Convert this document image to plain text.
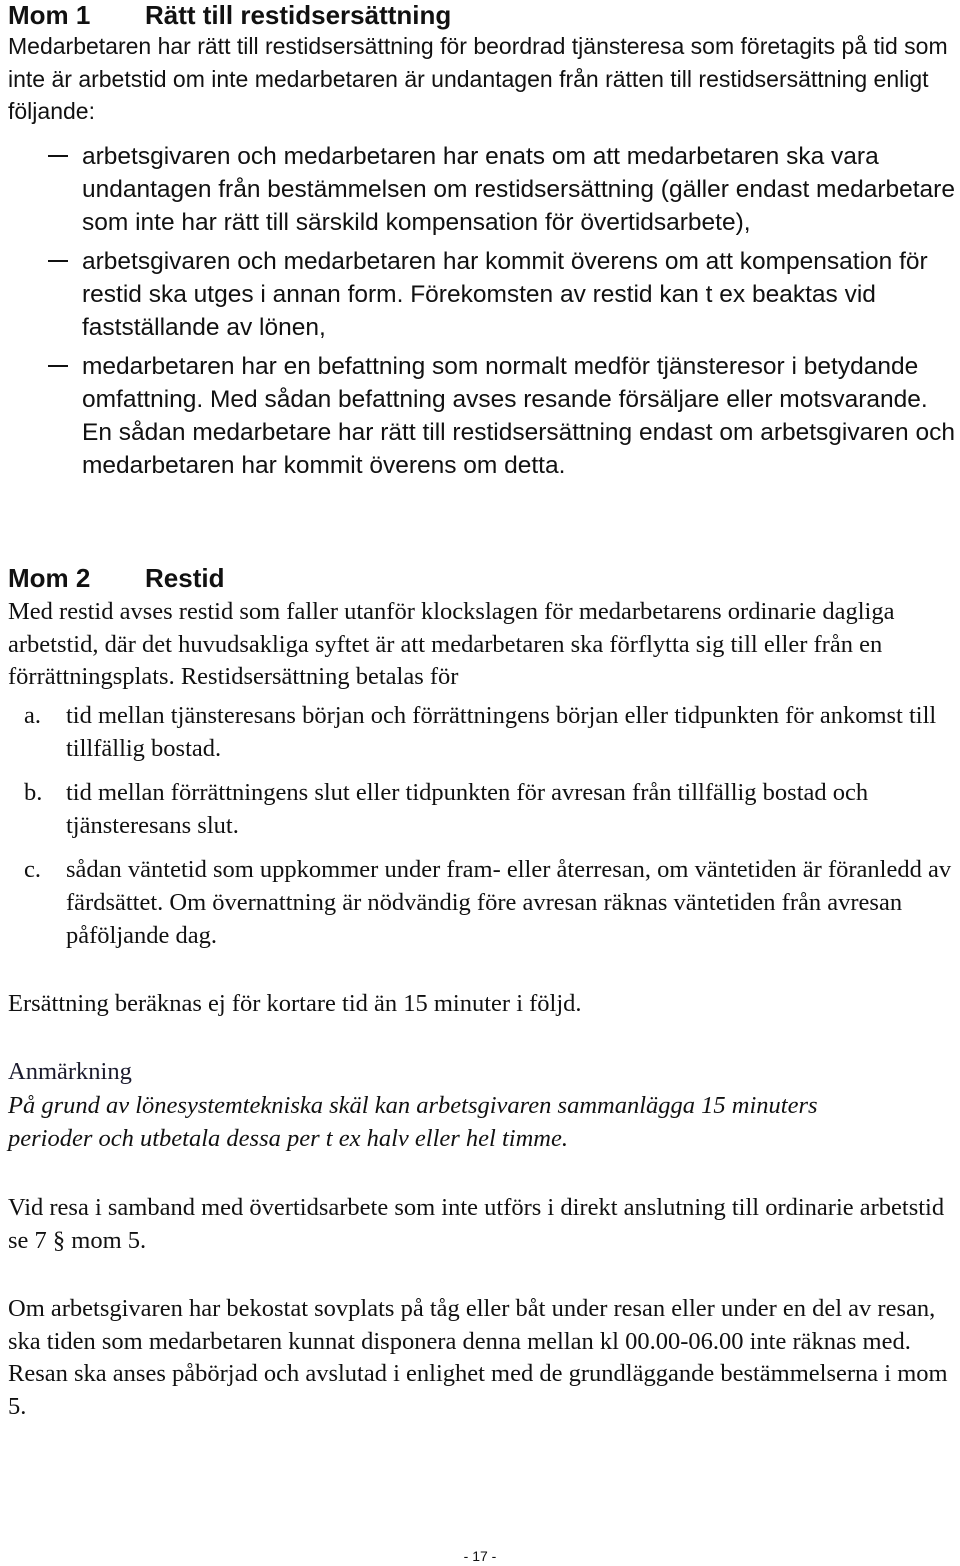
Mom 1 Rätt till restidsersättning

Medarbetaren har rätt till restidsersättning för beordrad tjänsteresa som företagits på tid som inte är arbetstid om inte medarbetaren är undantagen från rätten till restidsersättning enligt följande:

arbetsgivaren och medarbetaren har enats om att medarbetaren ska vara undantagen från bestämmelsen om restidsersättning (gäller endast medarbetare som inte har rätt till särskild kompensation för övertidsarbete),
arbetsgivaren och medarbetaren har kommit överens om att kompensation för restid ska utges i annan form. Förekomsten av restid kan t ex beaktas vid fastställande av lönen,
medarbetaren har en befattning som normalt medför tjänsteresor i betydande omfattning. Med sådan befattning avses resande försäljare eller motsvarande. En sådan medarbetare har rätt till restidsersättning endast om arbetsgivaren och medarbetaren har kommit överens om detta.
Mom 2 Restid

Med restid avses restid som faller utanför klockslagen för medarbetarens ordinarie dagliga arbetstid, där det huvudsakliga syftet är att medarbetaren ska förflytta sig till eller från en förrättningsplats. Restidsersättning betalas för

a. tid mellan tjänsteresans början och förrättningens början eller tidpunkten för ankomst till tillfällig bostad.
b. tid mellan förrättningens slut eller tidpunkten för avresan från tillfällig bostad och tjänsteresans slut.
c. sådan väntetid som uppkommer under fram- eller återresan, om väntetiden är föranledd av färdsättet. Om övernattning är nödvändig före avresan räknas väntetiden från avresan påföljande dag.

Ersättning beräknas ej för kortare tid än 15 minuter i följd.

Anmärkning

På grund av lönesystemtekniska skäl kan arbetsgivaren sammanlägga 15 minuters perioder och utbetala dessa per t ex halv eller hel timme.

Vid resa i samband med övertidsarbete som inte utförs i direkt anslutning till ordinarie arbetstid se 7 § mom 5.

Om arbetsgivaren har bekostat sovplats på tåg eller båt under resan eller under en del av resan, ska tiden som medarbetaren kunnat disponera denna mellan kl 00.00-06.00 inte räknas med. Resan ska anses påbörjad och avslutad i enlighet med de grundläggande bestämmelserna i mom 5.

- 17 -
